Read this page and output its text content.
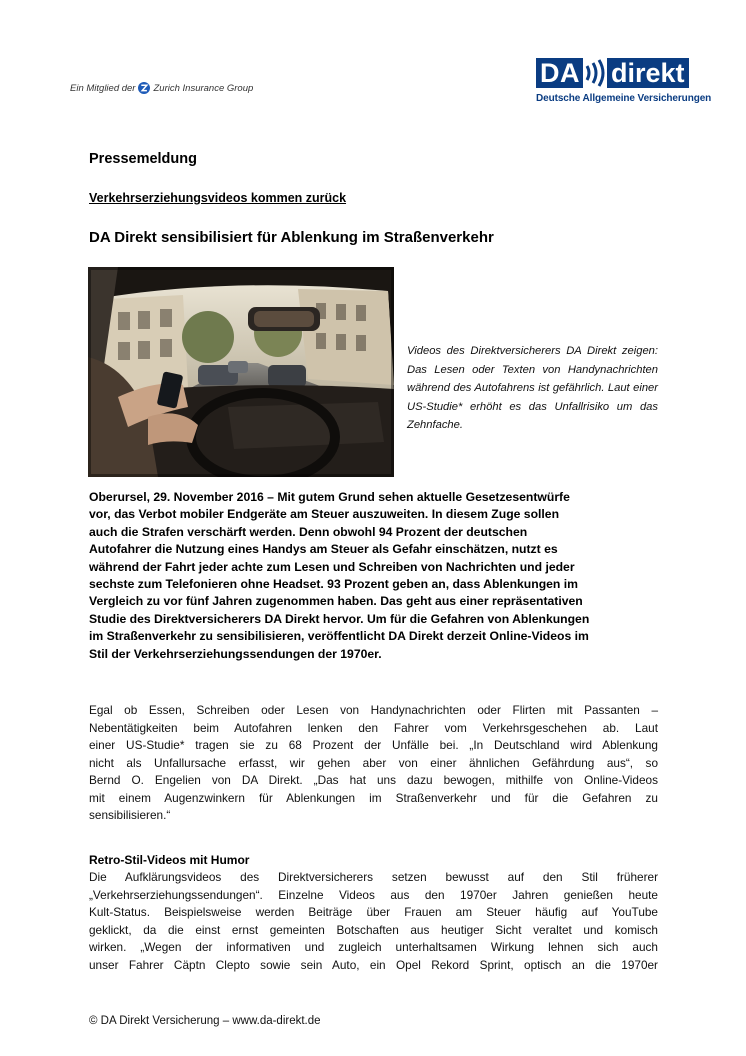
Ein Mitglied der Zurich Insurance Group	DA direkt
Deutsche Allgemeine Versicherungen
Pressemeldung
Verkehrserziehungsvideos kommen zurück
DA Direkt sensibilisiert für Ablenkung im Straßenverkehr
Videos des Direktversicherers DA Direkt zeigen: Das Lesen oder Texten von Handynachrichten während des Autofahrens ist gefährlich. Laut einer US-Studie* erhöht es das Unfallrisiko um das Zehnfache.
Oberursel, 29. November 2016 – Mit gutem Grund sehen aktuelle Gesetzesentwürfe
vor, das Verbot mobiler Endgeräte am Steuer auszuweiten. In diesem Zuge sollen
auch die Strafen verschärft werden. Denn obwohl 94 Prozent der deutschen
Autofahrer die Nutzung eines Handys am Steuer als Gefahr einschätzen, nutzt es
während der Fahrt jeder achte zum Lesen und Schreiben von Nachrichten und jeder
sechste zum Telefonieren ohne Headset. 93 Prozent geben an, dass Ablenkungen im
Vergleich zu vor fünf Jahren zugenommen haben. Das geht aus einer repräsentativen
Studie des Direktversicherers DA Direkt hervor. Um für die Gefahren von Ablenkungen
im Straßenverkehr zu sensibilisieren, veröffentlicht DA Direkt derzeit Online-Videos im
Stil der Verkehrserziehungssendungen der 1970er.
Egal ob Essen, Schreiben oder Lesen von Handynachrichten oder Flirten mit Passanten –
Nebentätigkeiten beim Autofahren lenken den Fahrer vom Verkehrsgeschehen ab. Laut
einer US-Studie* tragen sie zu 68 Prozent der Unfälle bei. „In Deutschland wird Ablenkung
nicht als Unfallursache erfasst, wir gehen aber von einer ähnlichen Gefährdung aus“, so
Bernd O. Engelien von DA Direkt. „Das hat uns dazu bewogen, mithilfe von Online-Videos
mit einem Augenzwinkern für Ablenkungen im Straßenverkehr und für die Gefahren zu
sensibilisieren.“
Retro-Stil-Videos mit Humor
Die Aufklärungsvideos des Direktversicherers setzen bewusst auf den Stil früherer
„Verkehrserziehungssendungen“. Einzelne Videos aus den 1970er Jahren genießen heute
Kult-Status. Beispielsweise werden Beiträge über Frauen am Steuer häufig auf YouTube
geklickt, da die einst ernst gemeinten Botschaften aus heutiger Sicht veraltet und komisch
wirken. „Wegen der informativen und zugleich unterhaltsamen Wirkung lehnen sich auch
unser Fahrer Cäptn Clepto sowie sein Auto, ein Opel Rekord Sprint, optisch an die 1970er
© DA Direkt Versicherung – www.da-direkt.de
